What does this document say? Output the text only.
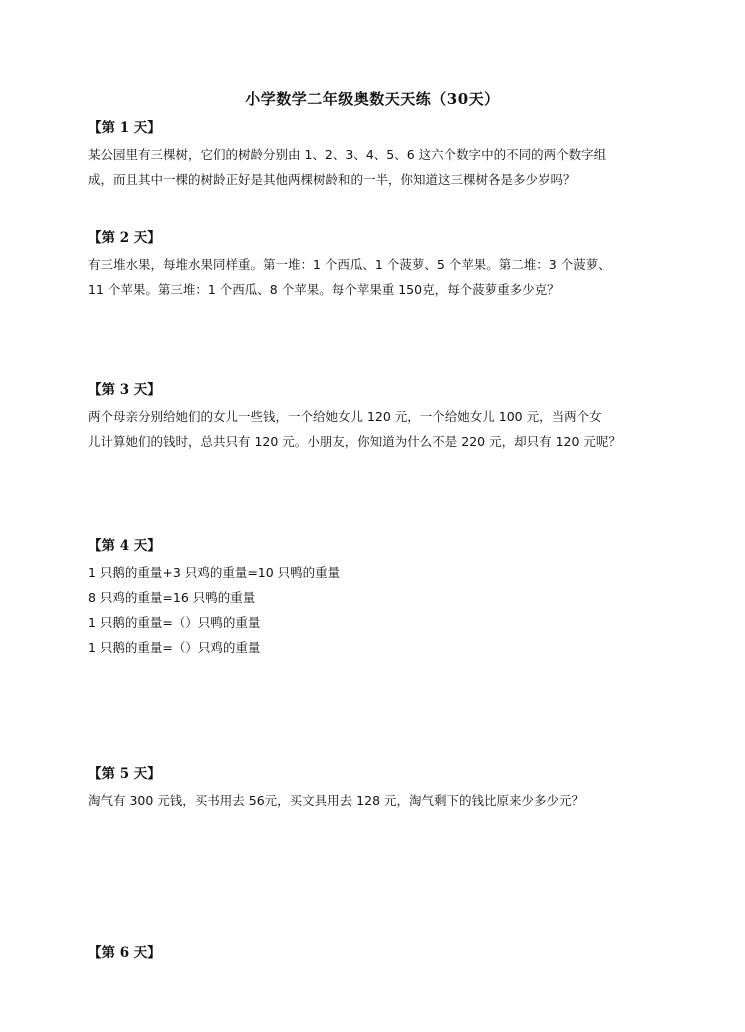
小学数学二年级奥数天天练（30天）
【第 1 天】
某公园里有三棵树，它们的树龄分别由 1、2、3、4、5、6 这六个数字中的不同的两个数字组
成，而且其中一棵的树龄正好是其他两棵树龄和的一半，你知道这三棵树各是多少岁吗？
【第 2 天】
有三堆水果，每堆水果同样重。第一堆：1 个西瓜、1 个菠萝、5 个苹果。第二堆：3 个菠萝、
11 个苹果。第三堆：1 个西瓜、8 个苹果。每个苹果重 150克，每个菠萝重多少克？
【第 3 天】
两个母亲分别给她们的女儿一些钱，一个给她女儿 120 元，一个给她女儿 100 元，当两个女
儿计算她们的钱时，总共只有 120 元。小朋友，你知道为什么不是 220 元，却只有 120 元呢？
【第 4 天】
1 只鹅的重量+3 只鸡的重量=10 只鸭的重量
8 只鸡的重量=16 只鸭的重量
1 只鹅的重量=（）只鸭的重量
1 只鹅的重量=（）只鸡的重量
【第 5 天】
淘气有 300 元钱，买书用去 56元，买文具用去 128 元，淘气剩下的钱比原来少多少元？
【第 6 天】
